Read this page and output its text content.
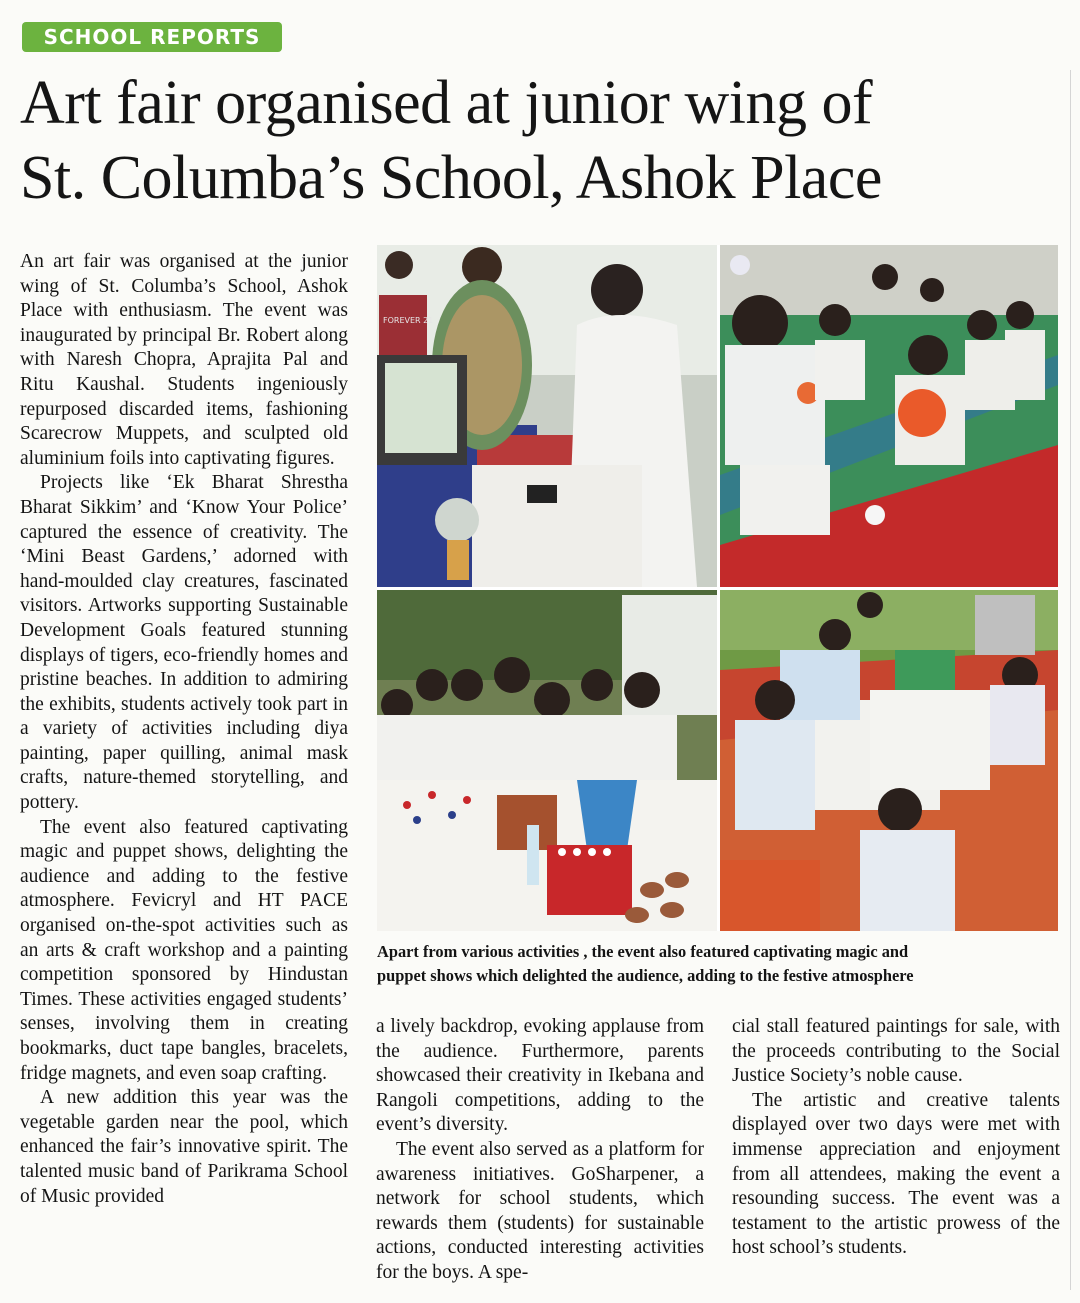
SCHOOL REPORTS
Art fair organised at junior wing of
St. Columba’s School, Ashok Place

An art fair was organised at the junior wing of St. Columba’s School, Ashok Place with enthusiasm. The event was inaugurated by principal Br. Robert along with Naresh Chopra, Aprajita Pal and Ritu Kaushal. Students ingeniously repurposed discarded items, fashioning Scarecrow Muppets, and sculpted old aluminium foils into captivating figures.

Projects like ‘Ek Bharat Shrestha Bharat Sikkim’ and ‘Know Your Police’ captured the essence of creativity. The ‘Mini Beast Gardens,’ adorned with hand-moulded clay creatures, fascinated visitors. Artworks supporting Sustainable Development Goals featured stunning displays of tigers, eco-friendly homes and pristine beaches. In addition to admiring the exhibits, students actively took part in a variety of activities including diya painting, paper quilling, animal mask crafts, nature-themed storytelling, and pottery.

The event also featured captivating magic and puppet shows, delighting the audience and adding to the festive atmosphere. Fevicryl and HT PACE organised on-the-spot activities such as an arts & craft workshop and a painting competition sponsored by Hindustan Times. These activities engaged students’ senses, involving them in creating bookmarks, duct tape bangles, bracelets, fridge magnets, and even soap crafting.

A new addition this year was the vegetable garden near the pool, which enhanced the fair’s innovative spirit. The talented music band of Parikrama School of Music provided

FOREVER 21
Apart from various activities , the event also featured captivating magic and
puppet shows which delighted the audience, adding to the festive atmosphere

a lively backdrop, evoking applause from the audience. Furthermore, parents showcased their creativity in Ikebana and Rangoli competitions, adding to the event’s diversity.

The event also served as a platform for awareness initiatives. GoSharpener, a network for school students, which rewards them (students) for sustainable actions, conducted interesting activities for the boys. A spe-

cial stall featured paintings for sale, with the proceeds contributing to the Social Justice Society’s noble cause.

The artistic and creative talents displayed over two days were met with immense appreciation and enjoyment from all attendees, making the event a resounding success. The event was a testament to the artistic prowess of the host school’s students.
